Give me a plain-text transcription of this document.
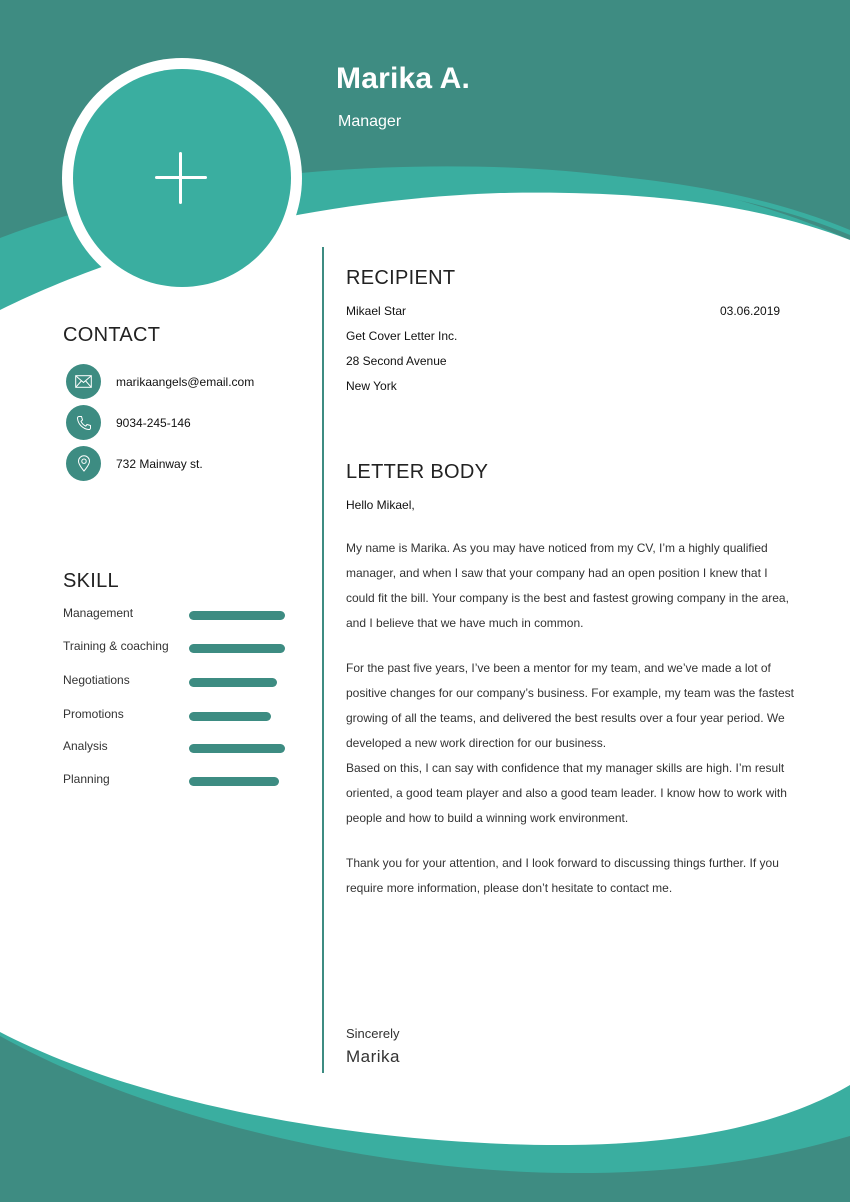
Marika A.
Manager
CONTACT
marikaangels@email.com
9034-245-146
732 Mainway st.
SKILL
Management
Training & coaching
Negotiations
Promotions
Analysis
Planning
RECIPIENT
Mikael Star
Get Cover Letter Inc.
28 Second Avenue
New York
03.06.2019
LETTER BODY
Hello Mikael,
My name is Marika. As you may have noticed from my CV, I’m a highly qualified manager, and when I saw that your company had an open position I knew that I could fit the bill. Your company is the best and fastest growing company in the area, and I believe that we have much in common.
For the past five years, I’ve been a mentor for my team, and we’ve made a lot of positive changes for our company’s business. For example, my team was the fastest growing of all the teams, and delivered the best results over a four year period. We developed a new work direction for our business.
Based on this, I can say with confidence that my manager skills are high. I’m result oriented, a good team player and also a good team leader. I know how to work with people and how to build a winning work environment.
Thank you for your attention, and I look forward to discussing things further. If you require more information, please don’t hesitate to contact me.
Sincerely
Marika
